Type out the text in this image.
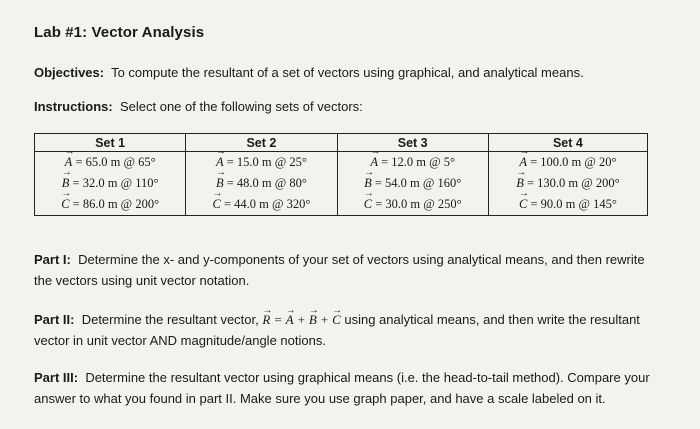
Lab #1: Vector Analysis
Objectives: To compute the resultant of a set of vectors using graphical, and analytical means.
Instructions: Select one of the following sets of vectors:
Set 1	Set 2	Set 3	Set 4
→ A = 65.0 m @ 65°	→ A = 15.0 m @ 25°	→ A = 12.0 m @ 5°	→ A = 100.0 m @ 20°
→ B = 32.0 m @ 110°	→ B = 48.0 m @ 80°	→ B = 54.0 m @ 160°	→ B = 130.0 m @ 200°
→ C = 86.0 m @ 200°	→ C = 44.0 m @ 320°	→ C = 30.0 m @ 250°	→ C = 90.0 m @ 145°
Part I: Determine the x- and y-components of your set of vectors using analytical means, and then rewrite the vectors using unit vector notation.
Part II: Determine the resultant vector, → R = → A + → B + → C using analytical means, and then write the resultant vector in unit vector AND magnitude/angle notions.
Part III: Determine the resultant vector using graphical means (i.e. the head-to-tail method). Compare your answer to what you found in part II. Make sure you use graph paper, and have a scale labeled on it.
